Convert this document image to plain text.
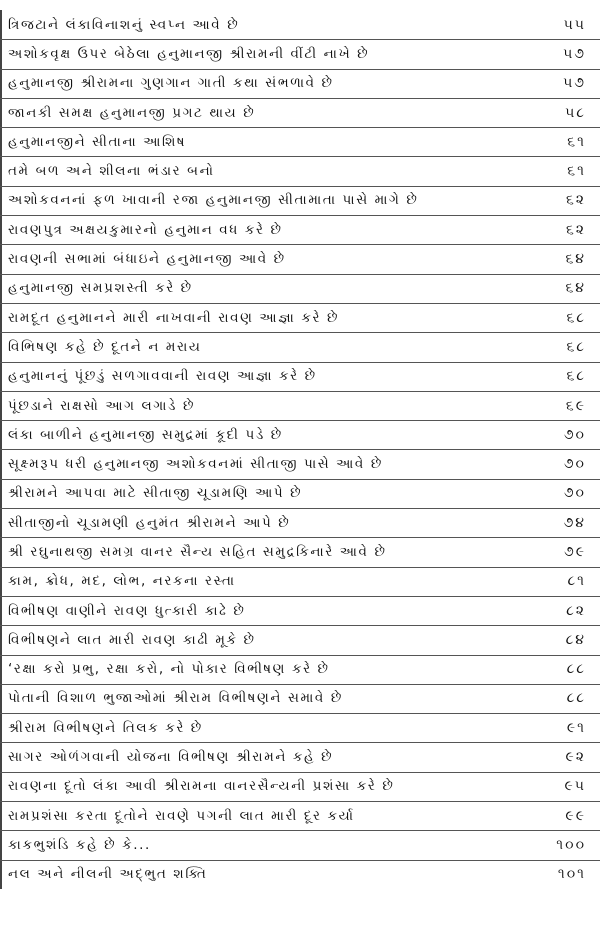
ત્રિજટાને લંકાવિનાશનું સ્વપ્ન આવે છે	૫૫
અશોકવૃક્ષ ઉપર બેઠેલા હનુમાનજી શ્રીરામની વીંટી નાખે છે	૫૭
હનુમાનજી શ્રીરામના ગુણગાન ગાતી કથા સંભળાવે છે	૫૭
જાનકી સમક્ષ હનુમાનજી પ્રગટ થાય છે	૫૮
હનુમાનજીને સીતાના આશિષ	૬૧
તમે બળ અને શીલના ભંડાર બનો	૬૧
અશોકવનનાં ફળ ખાવાની રજા હનુમાનજી સીતામાતા પાસે માગે છે	૬૨
રાવણપુત્ર અક્ષયકુમારનો હનુમાન વધ કરે છે	૬૨
રાવણની સભામાં બંધાઇને હનુમાનજી આવે છે	૬૪
હનુમાનજી સમપ્રશસ્તી કરે છે	૬૪
રામદૂત હનુમાનને મારી નાખવાની રાવણ આજ્ઞા કરે છે	૬૮
વિભિષણ કહે છે દૂતને ન મરાય	૬૮
હનુમાનનું પૂંછડું સળગાવવાની રાવણ આજ્ઞા કરે છે	૬૮
પૂંછડાને રાક્ષસો આગ લગાડે છે	૬૯
લંકા બાળીને હનુમાનજી સમુદ્રમાં કૂદી પડે છે	૭૦
સૂક્ષ્મરૂપ ધરી હનુમાનજી અશોકવનમાં સીતાજી પાસે આવે છે	૭૦
શ્રીરામને આપવા માટે સીતાજી ચૂડામણિ આપે છે	૭૦
સીતાજીનો ચૂડામણી હનુમંત શ્રીરામને આપે છે	૭૪
શ્રી રઘુનાથજી સમગ્ર વાનર સૈન્ય સહિત સમુદ્રકિનારે આવે છે	૭૯
કામ, ક્રોધ, મદ, લોભ, નરકના રસ્તા	૮૧
વિભીષણ વાણીને રાવણ ધુત્કારી કાઢે છે	૮૨
વિભીષણને લાત મારી રાવણ કાઢી મૂકે છે	૮૪
‘રક્ષા કરો પ્રભુ, રક્ષા કરો, નો પોકાર વિભીષણ કરે છે	૮૮
પોતાની વિશાળ ભુજાઓમાં શ્રીરામ વિભીષણને સમાવે છે	૮૮
શ્રીરામ વિભીષણને તિલક કરે છે	૯૧
સાગર ઓળંગવાની યોજના વિભીષણ શ્રીરામને કહે છે	૯૨
રાવણના દૂતો લંકા આવી શ્રીરામના વાનરસૈન્યની પ્રશંસા કરે છે	૯૫
રામપ્રશંસા કરતા દૂતોને રાવણે પગની લાત મારી દૂર કર્યા	૯૯
કાકભુશંડિ કહે છે કે...	૧૦૦
નલ અને નીલની અદ્ભુત શક્તિ	૧૦૧
